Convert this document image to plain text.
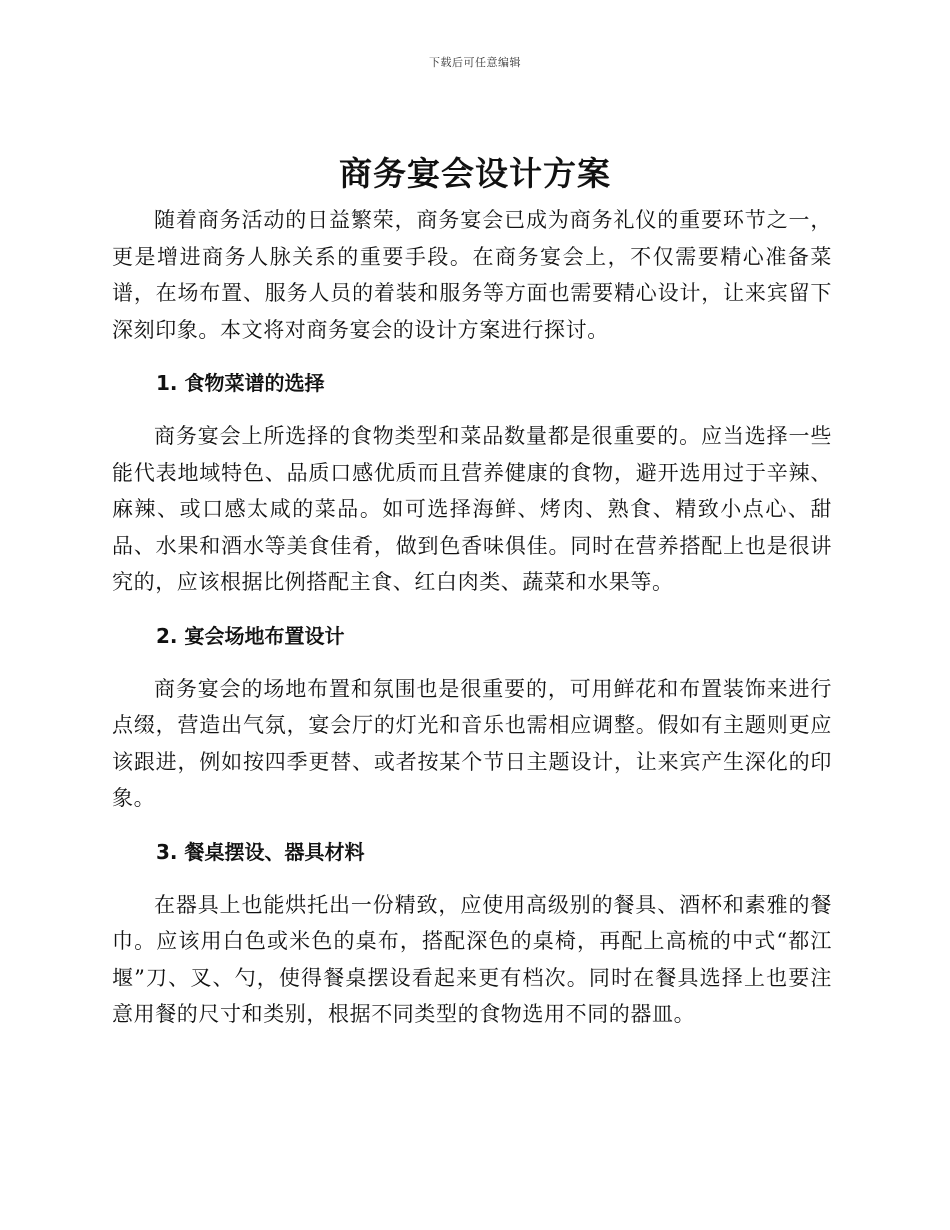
下载后可任意编辑
商务宴会设计方案

随着商务活动的日益繁荣，商务宴会已成为商务礼仪的重要环节之一，更是增进商务人脉关系的重要手段。在商务宴会上，不仅需要精心准备菜谱，在场布置、服务人员的着装和服务等方面也需要精心设计，让来宾留下深刻印象。本文将对商务宴会的设计方案进行探讨。

1. 食物菜谱的选择

商务宴会上所选择的食物类型和菜品数量都是很重要的。应当选择一些能代表地域特色、品质口感优质而且营养健康的食物，避开选用过于辛辣、麻辣、或口感太咸的菜品。如可选择海鲜、烤肉、熟食、精致小点心、甜品、水果和酒水等美食佳肴，做到色香味俱佳。同时在营养搭配上也是很讲究的，应该根据比例搭配主食、红白肉类、蔬菜和水果等。

2. 宴会场地布置设计

商务宴会的场地布置和氛围也是很重要的，可用鲜花和布置装饰来进行点缀，营造出气氛，宴会厅的灯光和音乐也需相应调整。假如有主题则更应该跟进，例如按四季更替、或者按某个节日主题设计，让来宾产生深化的印象。

3. 餐桌摆设、器具材料

在器具上也能烘托出一份精致，应使用高级别的餐具、酒杯和素雅的餐巾。应该用白色或米色的桌布，搭配深色的桌椅，再配上高梳的中式“都江堰”刀、叉、勺，使得餐桌摆设看起来更有档次。同时在餐具选择上也要注意用餐的尺寸和类别，根据不同类型的食物选用不同的器皿。
